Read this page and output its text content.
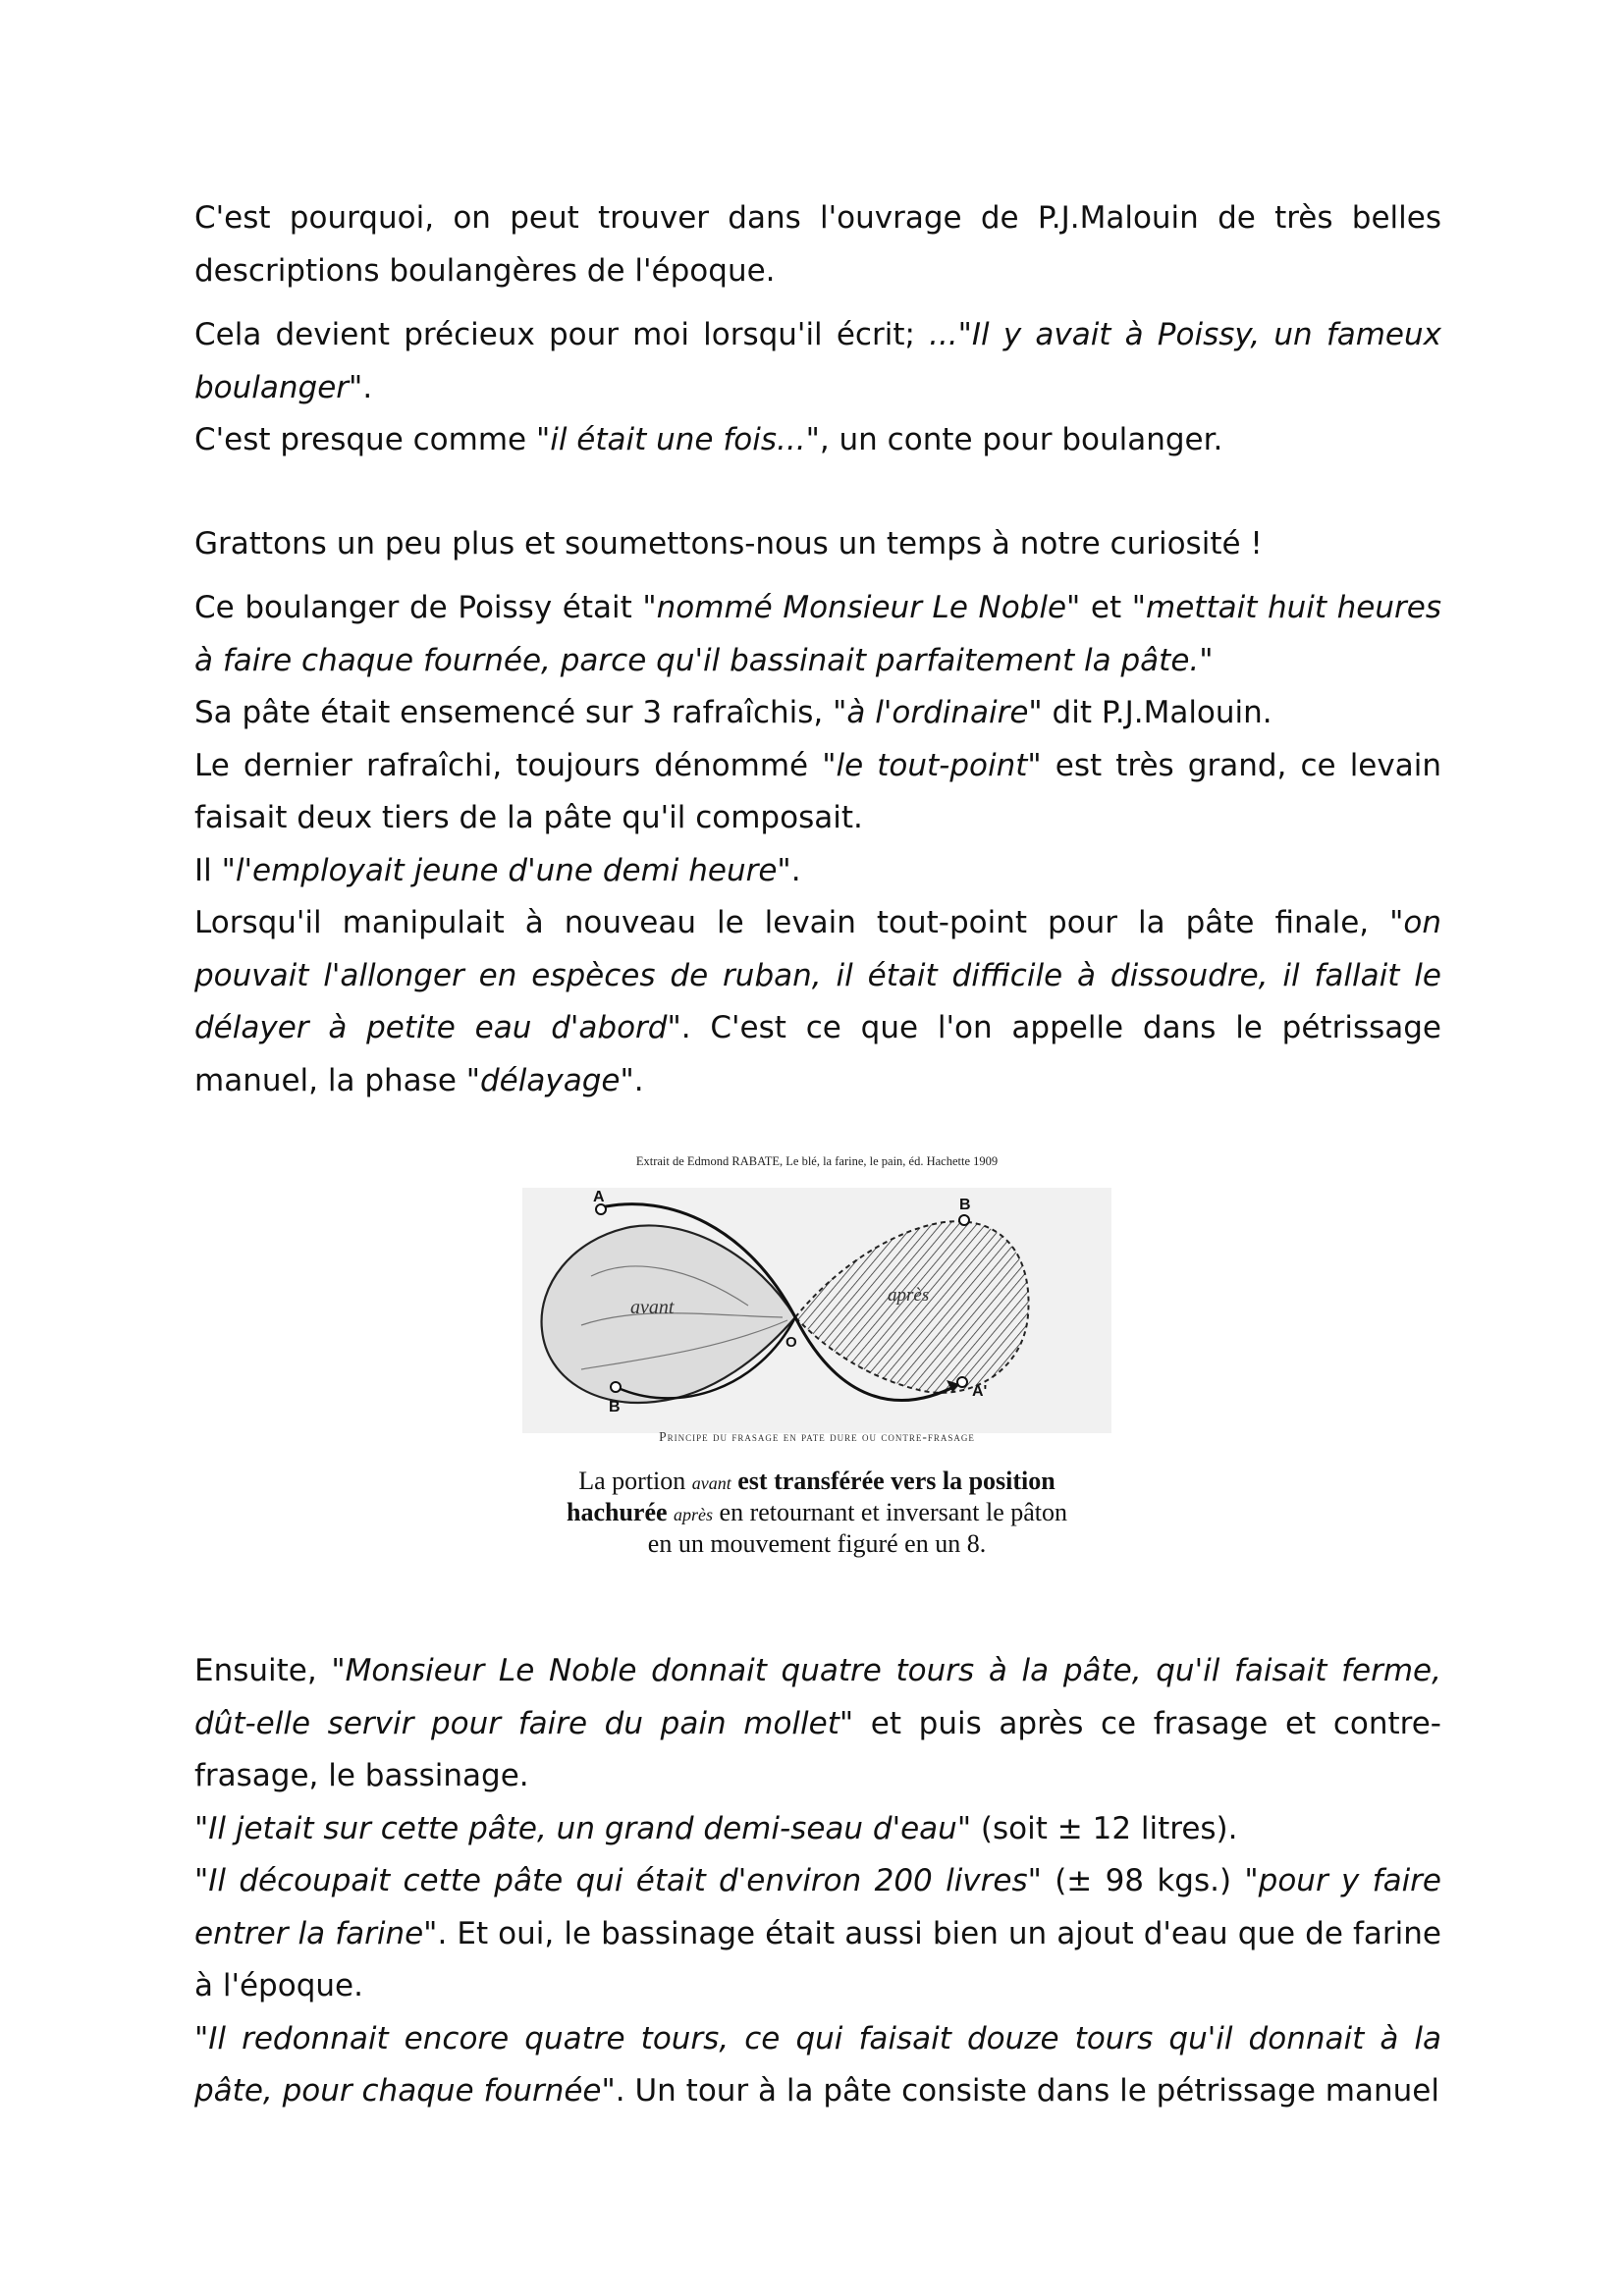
C'est pourquoi, on peut trouver dans l'ouvrage de P.J.Malouin de très belles descriptions boulangères de l'époque.

Cela devient précieux pour moi lorsqu'il écrit; ..."Il y avait à Poissy, un fameux boulanger".

C'est presque comme "il était une fois...", un conte pour boulanger.

Grattons un peu plus et soumettons-nous un temps à notre curiosité !

Ce boulanger de Poissy était "nommé Monsieur Le Noble" et "mettait huit heures à faire chaque fournée, parce qu'il bassinait parfaitement la pâte."

Sa pâte était ensemencé sur 3 rafraîchis, "à l'ordinaire" dit P.J.Malouin.

Le dernier rafraîchi, toujours dénommé "le tout-point" est très grand, ce levain faisait deux tiers de la pâte qu'il composait.

Il "l'employait jeune d'une demi heure".

Lorsqu'il manipulait à nouveau le levain tout-point pour la pâte finale, "on pouvait l'allonger en espèces de ruban, il était difficile à dissoudre, il fallait le délayer à petite eau d'abord". C'est ce que l'on appelle dans le pétrissage manuel, la phase "délayage".

Extrait de Edmond RABATE, Le blé, la farine, le pain, éd. Hachette 1909
A	B
B
A'
O
avant
après
Principe du frasage en pate dure ou contre-frasage
La portion avant est transférée vers la position
hachurée après en retournant et inversant le pâton
en un mouvement figuré en un 8.

Ensuite, "Monsieur Le Noble donnait quatre tours à la pâte, qu'il faisait ferme, dût-elle servir pour faire du pain mollet" et puis après ce frasage et contre-frasage, le bassinage.

"Il jetait sur cette pâte, un grand demi-seau d'eau" (soit ± 12 litres).

"Il découpait cette pâte qui était d'environ 200 livres" (± 98 kgs.) "pour y faire entrer la farine". Et oui, le bassinage était aussi bien un ajout d'eau que de farine à l'époque.

"Il redonnait encore quatre tours, ce qui faisait douze tours qu'il donnait à la pâte, pour chaque fournée". Un tour à la pâte consiste dans le pétrissage manuel
